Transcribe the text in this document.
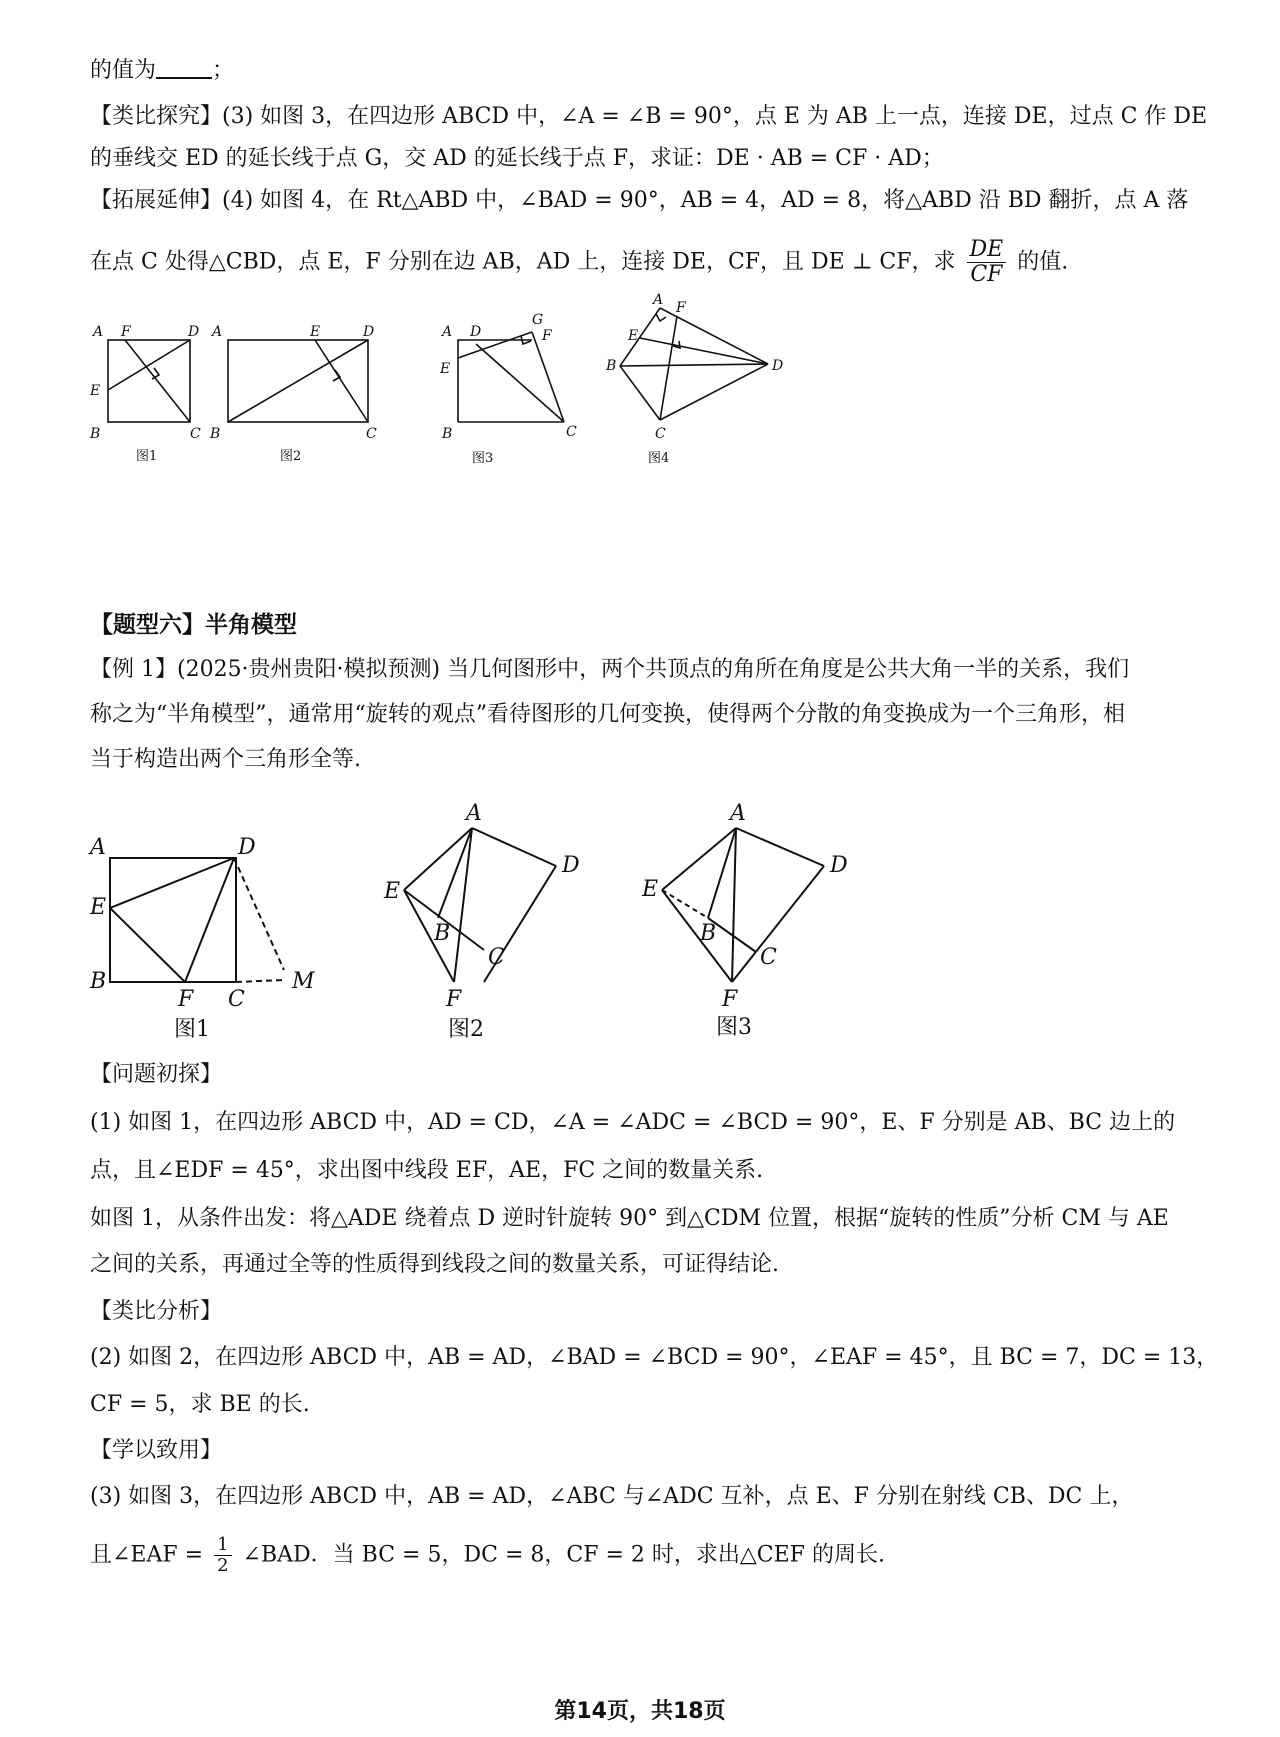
的值为	；
【类比探究】(3) 如图 3，在四边形 ABCD 中，∠A = ∠B = 90°，点 E 为 AB 上一点，连接 DE，过点 C 作 DE
的垂线交 ED 的延长线于点 G，交 AD 的延长线于点 F，求证：DE · AB = CF · AD；
【拓展延伸】(4) 如图 4，在 Rt△ABD 中，∠BAD = 90°，AB = 4，AD = 8，将△ABD 沿 BD 翻折，点 A 落
在点 C 处得△CBD，点 E，F 分别在边 AB，AD 上，连接 DE，CF，且 DE ⊥ CF，求 $\frac{DE}{CF}$ 的值.
A F	D
E
B	C
A	E	D
B	C
A D
G
F
E
B	C
A F
E
B	D
C
图1	图2	图3	图4
【题型六】半角模型
【例 1】(2025·贵州贵阳·模拟预测) 当几何图形中，两个共顶点的角所在角度是公共大角一半的关系，我们
称之为“半角模型”，通常用“旋转的观点”看待图形的几何变换，使得两个分散的角变换成为一个三角形，相
当于构造出两个三角形全等.
A	D
E
B
F C
M
A
D
E
B
C
F
A
D
E
B
C
F
图1	图2	图3
【问题初探】
(1) 如图 1，在四边形 ABCD 中，AD = CD，∠A = ∠ADC = ∠BCD = 90°，E、F 分别是 AB、BC 边上的
点，且∠EDF = 45°，求出图中线段 EF，AE，FC 之间的数量关系.
如图 1，从条件出发：将△ADE 绕着点 D 逆时针旋转 90° 到△CDM 位置，根据“旋转的性质”分析 CM 与 AE
之间的关系，再通过全等的性质得到线段之间的数量关系，可证得结论.
【类比分析】
(2) 如图 2，在四边形 ABCD 中，AB = AD，∠BAD = ∠BCD = 90°，∠EAF = 45°，且 BC = 7，DC = 13，
CF = 5，求 BE 的长.
【学以致用】
(3) 如图 3，在四边形 ABCD 中，AB = AD，∠ABC 与∠ADC 互补，点 E、F 分别在射线 CB、DC 上，
且∠EAF = $\frac{1}{2}$ ∠BAD．当 BC = 5，DC = 8，CF = 2 时，求出△CEF 的周长.
第14页，共18页
